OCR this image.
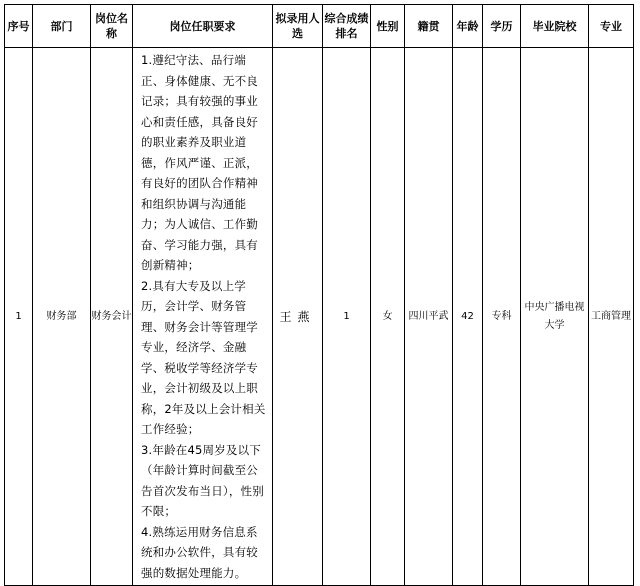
序号	部门	岗位名称	岗位任职要求	拟录用人选	综合成绩排名	性别	籍贯	年龄	学历	毕业院校	专业
1	财务部	财务会计	1.遵纪守法、品行端正、身体健康、无不良记录；具有较强的事业心和责任感，具备良好的职业素养及职业道德，作风严谨、正派，有良好的团队合作精神和组织协调与沟通能力；为人诚信、工作勤奋、学习能力强，具有创新精神；

2.具有大专及以上学历，会计学、财务管理、财务会计等管理学专业，经济学、金融学、税收学等经济学专业，会计初级及以上职称，2年及以上会计相关工作经验；

3.年龄在45周岁及以下（年龄计算时间截至公告首次发布当日），性别不限；

4.熟练运用财务信息系统和办公软件，具有较强的数据处理能力。	王燕	1	女	四川平武	42	专科	中央广播电视大学	工商管理
